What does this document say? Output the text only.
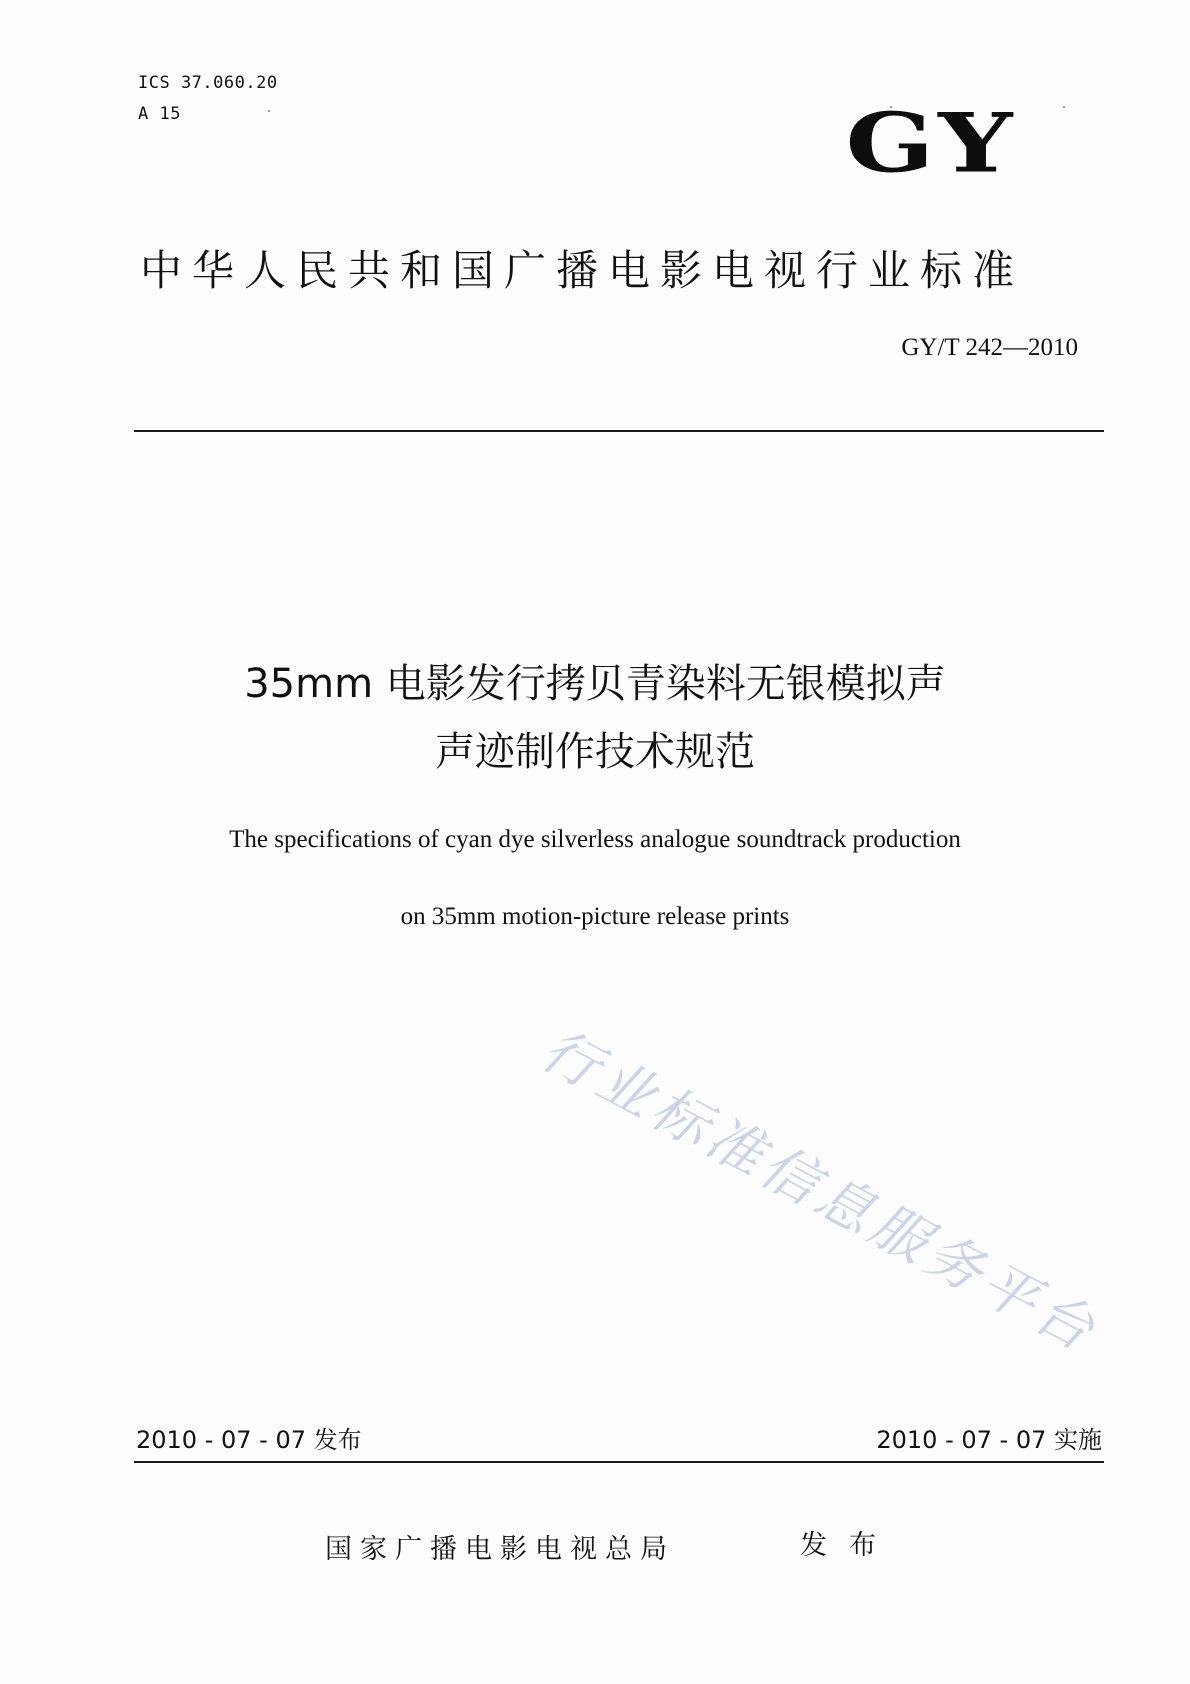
ICS 37.060.20
A 15	GY
中华人民共和国广播电影电视行业标准
GY/T 242—2010
35mm 电影发行拷贝青染料无银模拟声
声迹制作技术规范
The specifications of cyan dye silverless analogue soundtrack production
on 35mm motion-picture release prints
行业标准信息服务平台
2010 - 07 - 07 发布	2010 - 07 - 07 实施
国家广播电影电视总局	发布
